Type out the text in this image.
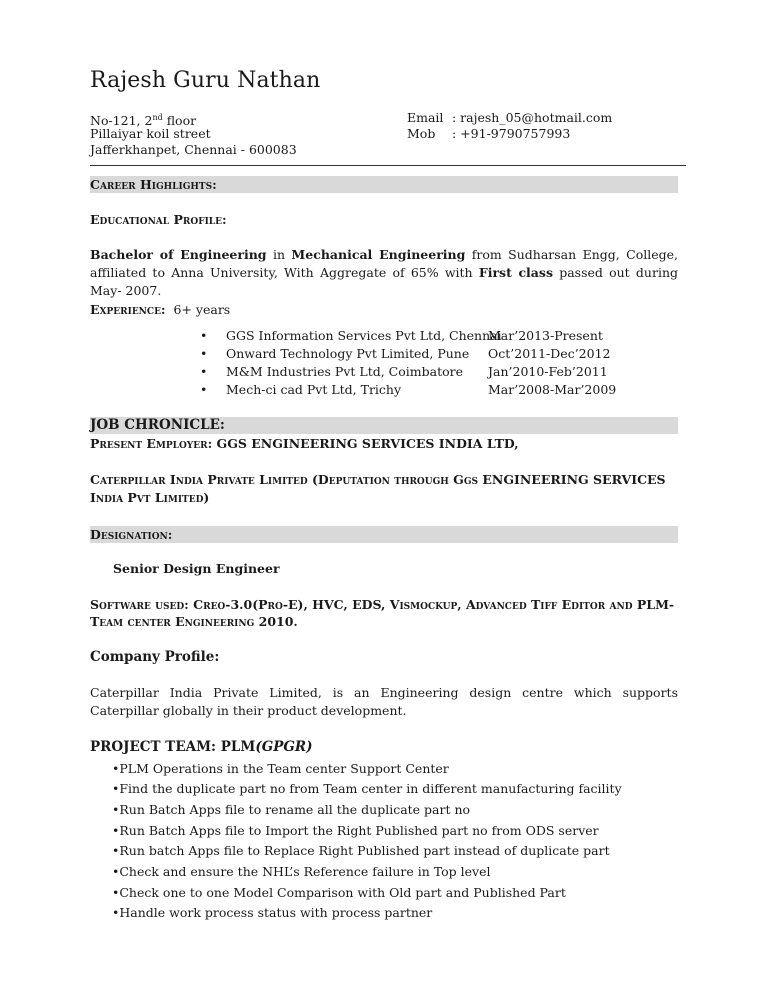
Rajesh Guru Nathan
No-121, 2nd floor
Pillaiyar koil street
Jafferkhanpet, Chennai - 600083
Email : rajesh_05@hotmail.com
Mob : +91-9790757993
Career Highlights:
Educational Profile:
Bachelor of Engineering in Mechanical Engineering from Sudharsan Engg, College, affiliated to Anna University, With Aggregate of 65% with First class passed out during May- 2007.
Experience: 6+ years
• GGS Information Services Pvt Ltd, Chennai
Mar’2013-Present
• Onward Technology Pvt Limited, Pune Oct’2011-Dec’2012
• M&M Industries Pvt Ltd, Coimbatore Jan’2010-Feb’2011
• Mech-ci cad Pvt Ltd, Trichy	Mar’2008-Mar’2009
JOB CHRONICLE:
Present Employer: GGS ENGINEERING SERVICES INDIA LTD,
Caterpillar India Private Limited (Deputation through Ggs ENGINEERING SERVICES
India Pvt Limited)
Designation:
Senior Design Engineer
Software used: Creo-3.0(Pro-E), HVC, EDS, Vismockup, Advanced Tiff Editor and PLM-
Team center Engineering 2010.
Company Profile:
Caterpillar India Private Limited, is an Engineering design centre which supports Caterpillar globally in their product development.
PROJECT TEAM: PLM(GPGR)
•PLM Operations in the Team center Support Center
•Find the duplicate part no from Team center in different manufacturing facility
•Run Batch Apps file to rename all the duplicate part no
•Run Batch Apps file to Import the Right Published part no from ODS server
•Run batch Apps file to Replace Right Published part instead of duplicate part
•Check and ensure the NHL’s Reference failure in Top level
•Check one to one Model Comparison with Old part and Published Part
•Handle work process status with process partner
